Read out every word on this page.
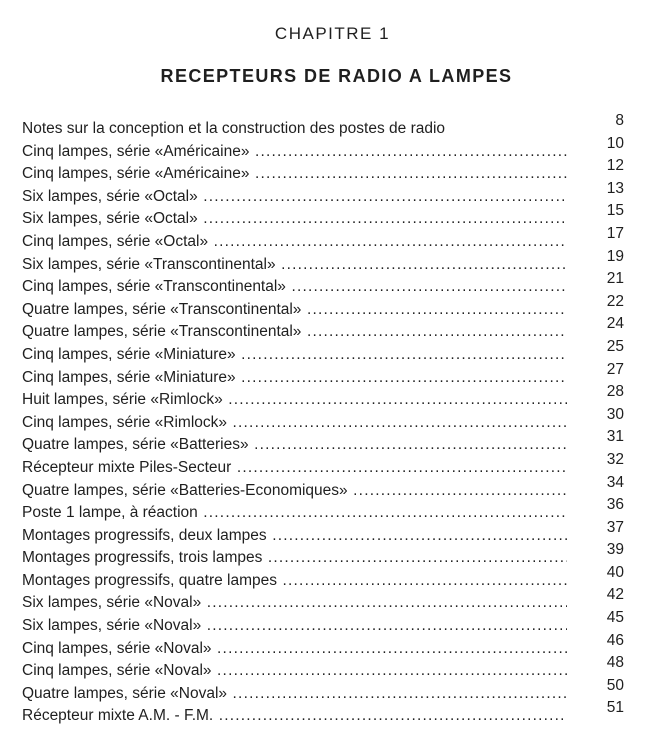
CHAPITRE 1
RECEPTEURS DE RADIO A LAMPES
Notes sur la conception et la construction des postes de radio	8
Cinq lampes, série «Américaine» .....	10
Cinq lampes, série «Américaine» .....	12
Six lampes, série «Octal» .....	13
Six lampes, série «Octal» .....	15
Cinq lampes, série «Octal» .....	17
Six lampes, série «Transcontinental» .....	19
Cinq lampes, série «Transcontinental» .....	21
Quatre lampes, série «Transcontinental» .....	22
Quatre lampes, série «Transcontinental» .....	24
Cinq lampes, série «Miniature» .....	25
Cinq lampes, série «Miniature» .....	27
Huit lampes, série «Rimlock» .....	28
Cinq lampes, série «Rimlock» .....	30
Quatre lampes, série «Batteries» .....	31
Récepteur mixte Piles-Secteur .....	32
Quatre lampes, série «Batteries-Economiques» .....	34
Poste 1 lampe, à réaction .....	36
Montages progressifs, deux lampes .....	37
Montages progressifs, trois lampes .....	39
Montages progressifs, quatre lampes .....	40
Six lampes, série «Noval» .....	42
Six lampes, série «Noval» .....	45
Cinq lampes, série «Noval» .....	46
Cinq lampes, série «Noval» .....	48
Quatre lampes, série «Noval» .....	50
Récepteur mixte A.M. - F.M. .....	51
